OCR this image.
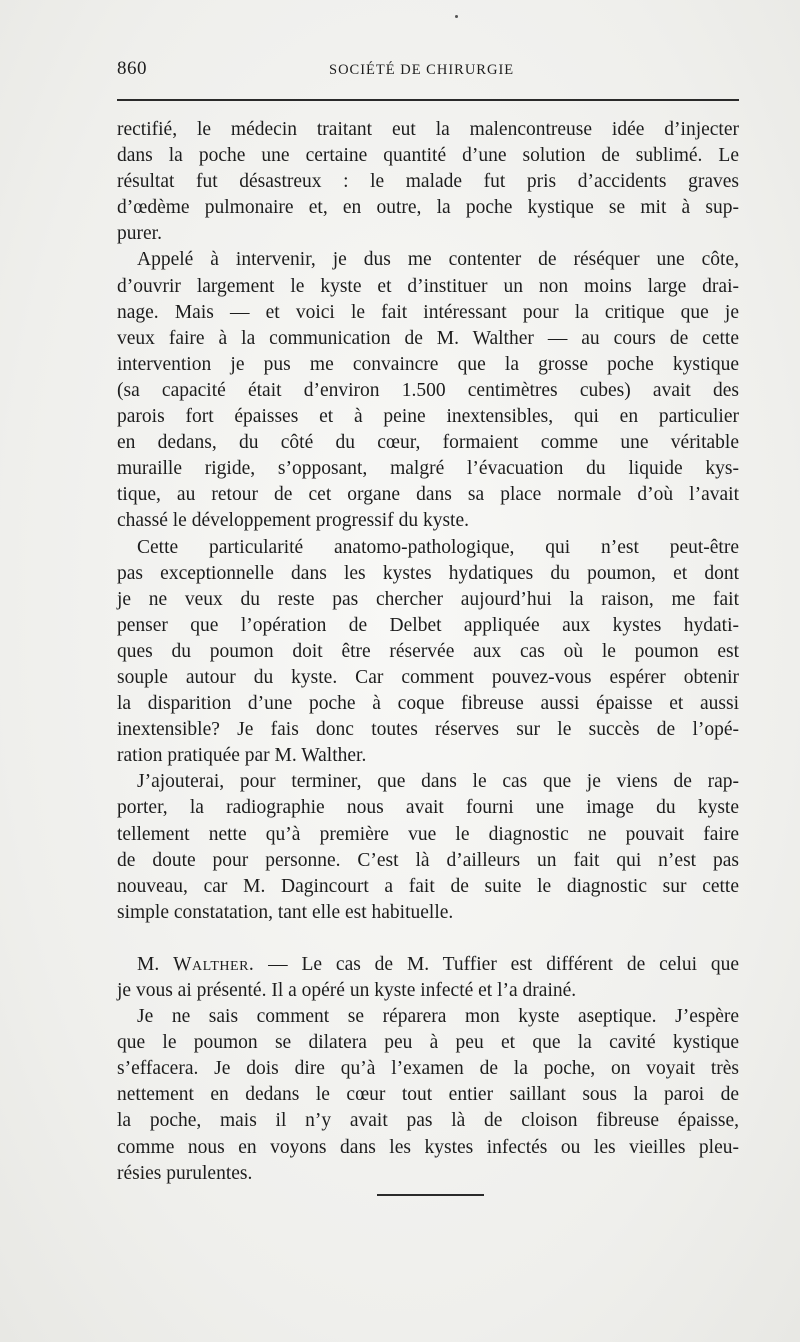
860	SOCIÉTÉ DE CHIRURGIE
rectifié, le médecin traitant eut la malencontreuse idée d’injecter
dans la poche une certaine quantité d’une solution de sublimé. Le
résultat fut désastreux : le malade fut pris d’accidents graves
d’œdème pulmonaire et, en outre, la poche kystique se mit à sup-
purer.
Appelé à intervenir, je dus me contenter de réséquer une côte,
d’ouvrir largement le kyste et d’instituer un non moins large drai-
nage. Mais — et voici le fait intéressant pour la critique que je
veux faire à la communication de M. Walther — au cours de cette
intervention je pus me convaincre que la grosse poche kystique
(sa capacité était d’environ 1.500 centimètres cubes) avait des
parois fort épaisses et à peine inextensibles, qui en particulier
en dedans, du côté du cœur, formaient comme une véritable
muraille rigide, s’opposant, malgré l’évacuation du liquide kys-
tique, au retour de cet organe dans sa place normale d’où l’avait
chassé le développement progressif du kyste.
Cette particularité anatomo-pathologique, qui n’est peut-être
pas exceptionnelle dans les kystes hydatiques du poumon, et dont
je ne veux du reste pas chercher aujourd’hui la raison, me fait
penser que l’opération de Delbet appliquée aux kystes hydati-
ques du poumon doit être réservée aux cas où le poumon est
souple autour du kyste. Car comment pouvez-vous espérer obtenir
la disparition d’une poche à coque fibreuse aussi épaisse et aussi
inextensible? Je fais donc toutes réserves sur le succès de l’opé-
ration pratiquée par M. Walther.
J’ajouterai, pour terminer, que dans le cas que je viens de rap-
porter, la radiographie nous avait fourni une image du kyste
tellement nette qu’à première vue le diagnostic ne pouvait faire
de doute pour personne. C’est là d’ailleurs un fait qui n’est pas
nouveau, car M. Dagincourt a fait de suite le diagnostic sur cette
simple constatation, tant elle est habituelle.
M. Walther. — Le cas de M. Tuffier est différent de celui que
je vous ai présenté. Il a opéré un kyste infecté et l’a drainé.
Je ne sais comment se réparera mon kyste aseptique. J’espère
que le poumon se dilatera peu à peu et que la cavité kystique
s’effacera. Je dois dire qu’à l’examen de la poche, on voyait très
nettement en dedans le cœur tout entier saillant sous la paroi de
la poche, mais il n’y avait pas là de cloison fibreuse épaisse,
comme nous en voyons dans les kystes infectés ou les vieilles pleu-
résies purulentes.
